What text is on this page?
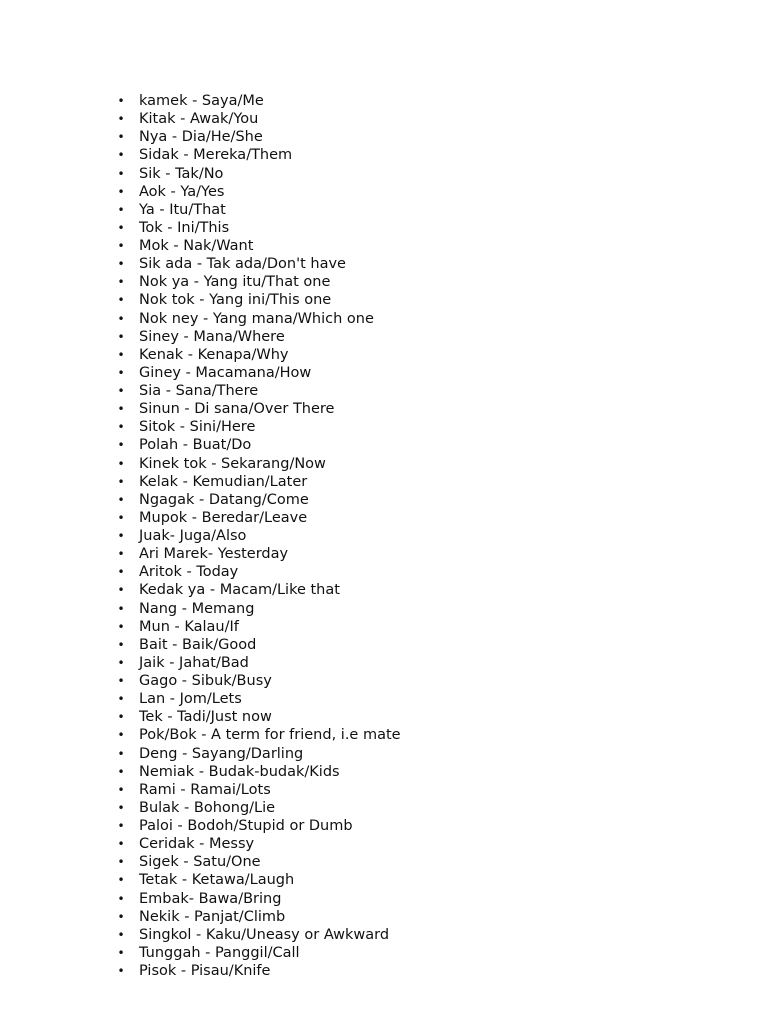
• kamek - Saya/Me
• Kitak - Awak/You
• Nya - Dia/He/She
• Sidak - Mereka/Them
• Sik - Tak/No
• Aok - Ya/Yes
• Ya - Itu/That
• Tok - Ini/This
• Mok - Nak/Want
• Sik ada - Tak ada/Don't have
• Nok ya - Yang itu/That one
• Nok tok - Yang ini/This one
• Nok ney - Yang mana/Which one
• Siney - Mana/Where
• Kenak - Kenapa/Why
• Giney - Macamana/How
• Sia - Sana/There
• Sinun - Di sana/Over There
• Sitok - Sini/Here
• Polah - Buat/Do
• Kinek tok - Sekarang/Now
• Kelak - Kemudian/Later
• Ngagak - Datang/Come
• Mupok - Beredar/Leave
• Juak- Juga/Also
• Ari Marek- Yesterday
• Aritok - Today
• Kedak ya - Macam/Like that
• Nang - Memang
• Mun - Kalau/If
• Bait - Baik/Good
• Jaik - Jahat/Bad
• Gago - Sibuk/Busy
• Lan - Jom/Lets
• Tek - Tadi/Just now
• Pok/Bok - A term for friend, i.e mate
• Deng - Sayang/Darling
• Nemiak - Budak-budak/Kids
• Rami - Ramai/Lots
• Bulak - Bohong/Lie
• Paloi - Bodoh/Stupid or Dumb
• Ceridak - Messy
• Sigek - Satu/One
• Tetak - Ketawa/Laugh
• Embak- Bawa/Bring
• Nekik - Panjat/Climb
• Singkol - Kaku/Uneasy or Awkward
• Tunggah - Panggil/Call
• Pisok - Pisau/Knife
